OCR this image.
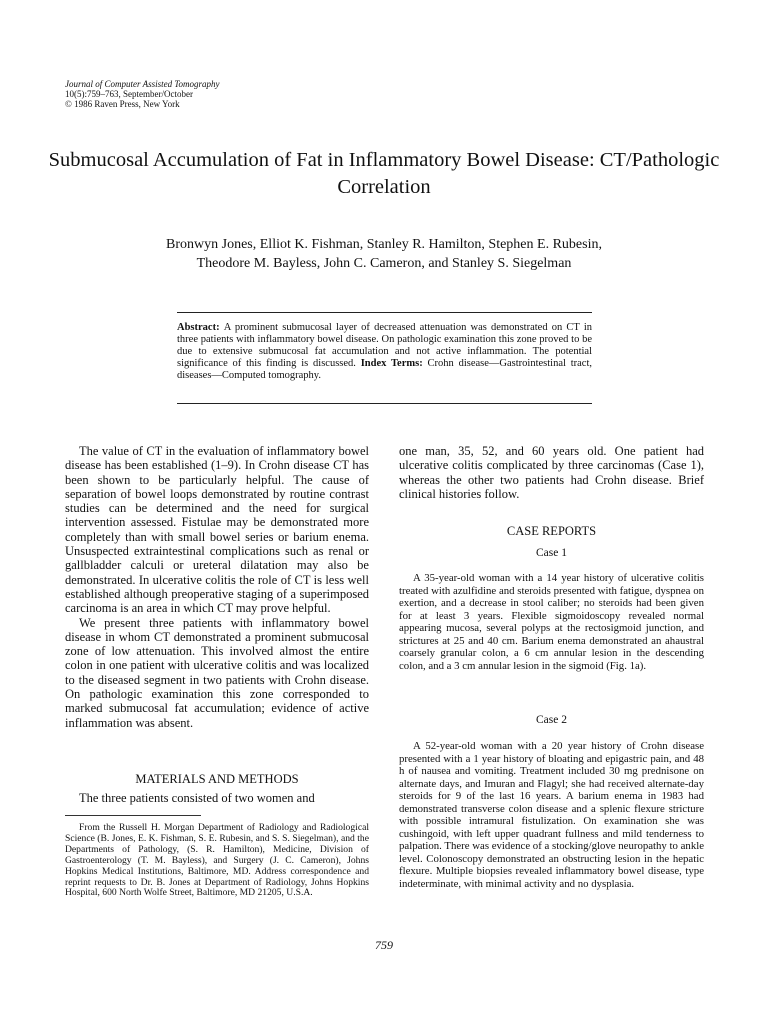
Journal of Computer Assisted Tomography
10(5):759–763, September/October
© 1986 Raven Press, New York
Submucosal Accumulation of Fat in Inflammatory Bowel Disease: CT/Pathologic Correlation
Bronwyn Jones, Elliot K. Fishman, Stanley R. Hamilton, Stephen E. Rubesin,
Theodore M. Bayless, John C. Cameron, and Stanley S. Siegelman
Abstract: A prominent submucosal layer of decreased attenuation was demonstrated on CT in three patients with inflammatory bowel disease. On pathologic examination this zone proved to be due to extensive submucosal fat accumulation and not active inflammation. The potential significance of this finding is discussed. Index Terms: Crohn disease—Gastrointestinal tract, diseases—Computed tomography.

The value of CT in the evaluation of inflammatory bowel disease has been established (1–9). In Crohn disease CT has been shown to be particularly helpful. The cause of separation of bowel loops demonstrated by routine contrast studies can be determined and the need for surgical intervention assessed. Fistulae may be demonstrated more completely than with small bowel series or barium enema. Unsuspected extraintestinal complications such as renal or gallbladder calculi or ureteral dilatation may also be demonstrated. In ulcerative colitis the role of CT is less well established although preoperative staging of a superimposed carcinoma is an area in which CT may prove helpful.

We present three patients with inflammatory bowel disease in whom CT demonstrated a prominent submucosal zone of low attenuation. This involved almost the entire colon in one patient with ulcerative colitis and was localized to the diseased segment in two patients with Crohn disease. On pathologic examination this zone corresponded to marked submucosal fat accumulation; evidence of active inflammation was absent.

MATERIALS AND METHODS

The three patients consisted of two women and

From the Russell H. Morgan Department of Radiology and Radiological Science (B. Jones, E. K. Fishman, S. E. Rubesin, and S. S. Siegelman), and the Departments of Pathology, (S. R. Hamilton), Medicine, Division of Gastroenterology (T. M. Bayless), and Surgery (J. C. Cameron), Johns Hopkins Medical Institutions, Baltimore, MD. Address correspondence and reprint requests to Dr. B. Jones at Department of Radiology, Johns Hopkins Hospital, 600 North Wolfe Street, Baltimore, MD 21205, U.S.A.

one man, 35, 52, and 60 years old. One patient had ulcerative colitis complicated by three carcinomas (Case 1), whereas the other two patients had Crohn disease. Brief clinical histories follow.

CASE REPORTS
Case 1

A 35-year-old woman with a 14 year history of ulcerative colitis treated with azulfidine and steroids presented with fatigue, dyspnea on exertion, and a decrease in stool caliber; no steroids had been given for at least 3 years. Flexible sigmoidoscopy revealed normal appearing mucosa, several polyps at the rectosigmoid junction, and strictures at 25 and 40 cm. Barium enema demonstrated an ahaustral coarsely granular colon, a 6 cm annular lesion in the descending colon, and a 3 cm annular lesion in the sigmoid (Fig. 1a).

Case 2

A 52-year-old woman with a 20 year history of Crohn disease presented with a 1 year history of bloating and epigastric pain, and 48 h of nausea and vomiting. Treatment included 30 mg prednisone on alternate days, and Imuran and Flagyl; she had received alternate-day steroids for 9 of the last 16 years. A barium enema in 1983 had demonstrated transverse colon disease and a splenic flexure stricture with possible intramural fistulization. On examination she was cushingoid, with left upper quadrant fullness and mild tenderness to palpation. There was evidence of a stocking/glove neuropathy to ankle level. Colonoscopy demonstrated an obstructing lesion in the hepatic flexure. Multiple biopsies revealed inflammatory bowel disease, type indeterminate, with minimal activity and no dysplasia.

759
